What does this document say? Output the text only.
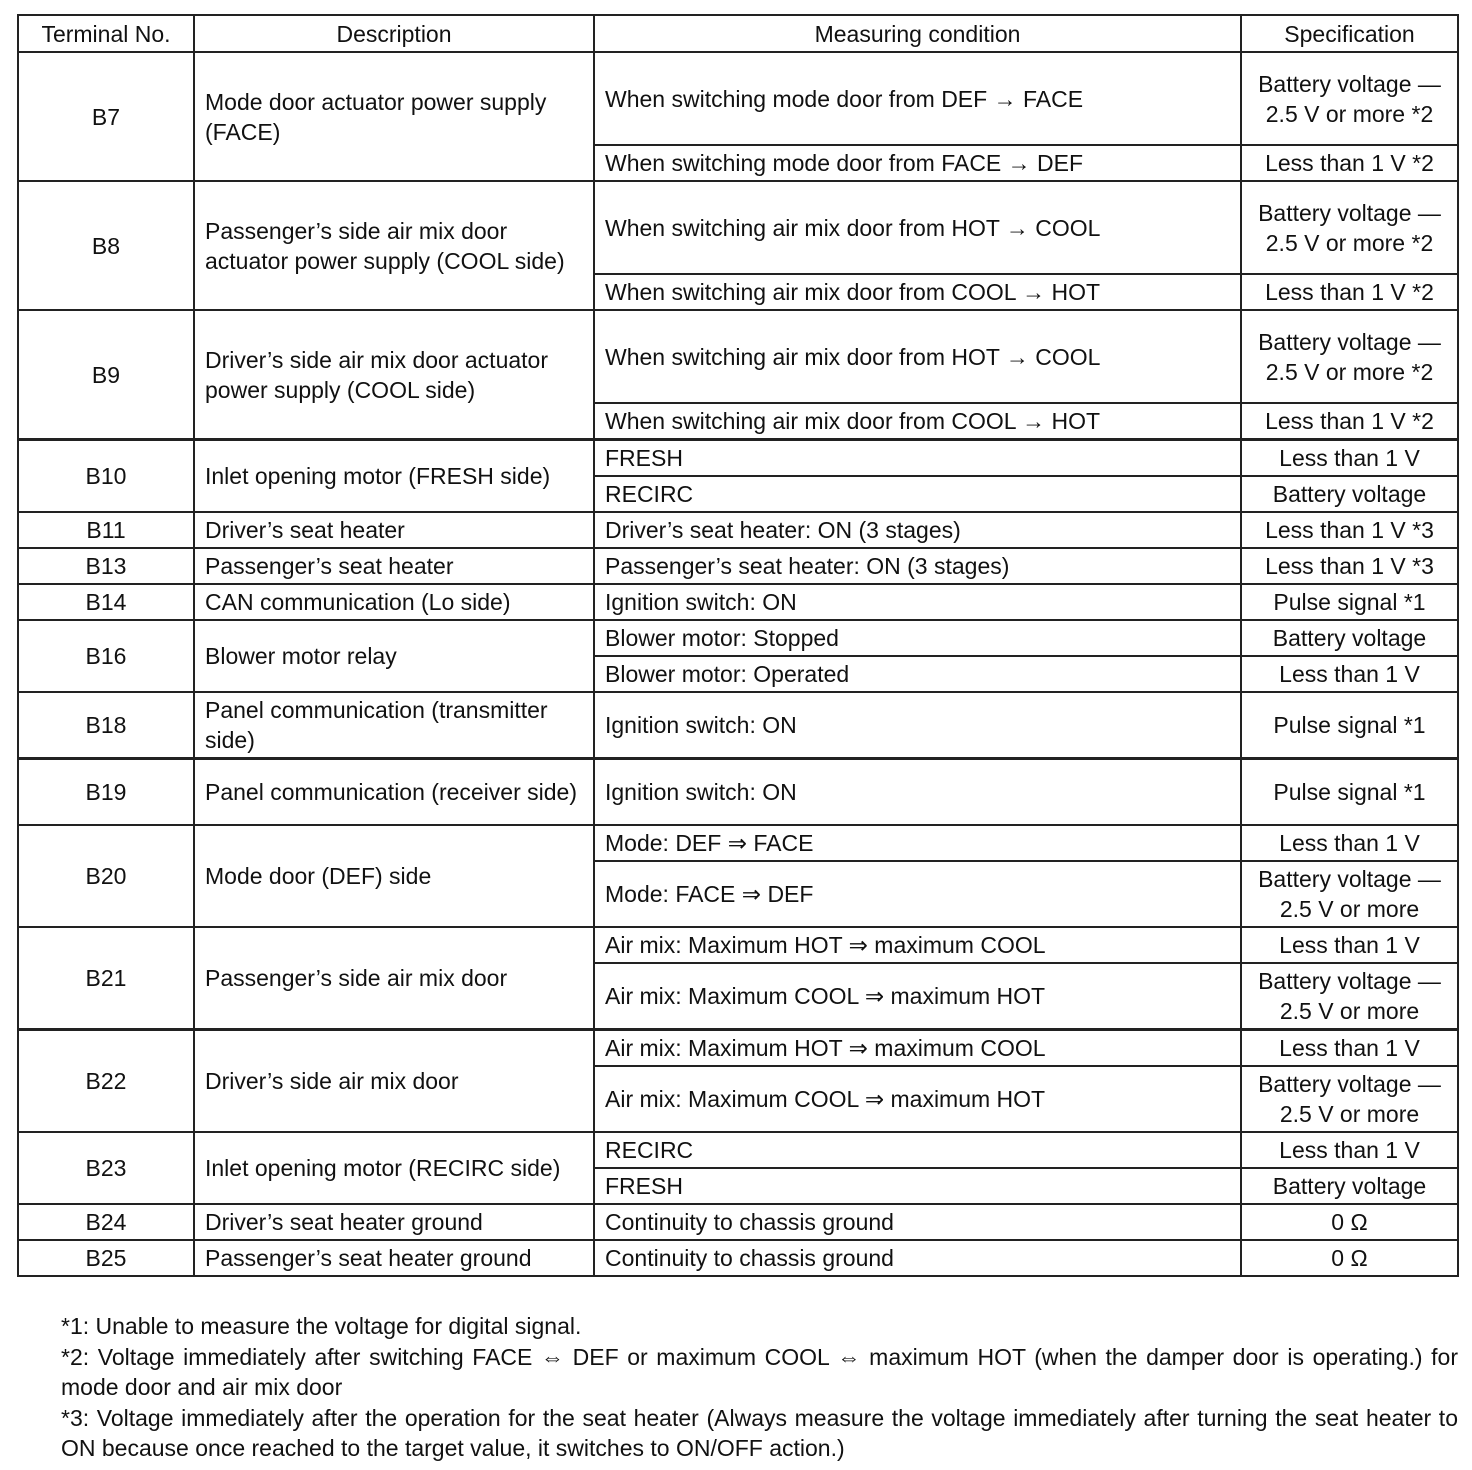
Terminal No.	Description	Measuring condition	Specification
B7	Mode door actuator power supply (FACE)	When switching mode door from DEF → FACE	Battery voltage — 2.5 V or more *2
		When switching mode door from FACE → DEF	Less than 1 V *2
B8	Passenger’s side air mix door actuator power supply (COOL side)	When switching air mix door from HOT → COOL	Battery voltage — 2.5 V or more *2
		When switching air mix door from COOL → HOT	Less than 1 V *2
B9	Driver’s side air mix door actuator power supply (COOL side)	When switching air mix door from HOT → COOL	Battery voltage — 2.5 V or more *2
		When switching air mix door from COOL → HOT	Less than 1 V *2
B10	Inlet opening motor (FRESH side)	FRESH	Less than 1 V
		RECIRC	Battery voltage
B11	Driver’s seat heater	Driver’s seat heater: ON (3 stages)	Less than 1 V *3
B13	Passenger’s seat heater	Passenger’s seat heater: ON (3 stages)	Less than 1 V *3
B14	CAN communication (Lo side)	Ignition switch: ON	Pulse signal *1
B16	Blower motor relay	Blower motor: Stopped	Battery voltage
		Blower motor: Operated	Less than 1 V
B18	Panel communication (transmitter side)	Ignition switch: ON	Pulse signal *1
B19	Panel communication (receiver side)	Ignition switch: ON	Pulse signal *1
B20	Mode door (DEF) side	Mode: DEF ⇒ FACE	Less than 1 V
		Mode: FACE ⇒ DEF	Battery voltage — 2.5 V or more
B21	Passenger’s side air mix door	Air mix: Maximum HOT ⇒ maximum COOL	Less than 1 V
		Air mix: Maximum COOL ⇒ maximum HOT	Battery voltage — 2.5 V or more
B22	Driver’s side air mix door	Air mix: Maximum HOT ⇒ maximum COOL	Less than 1 V
		Air mix: Maximum COOL ⇒ maximum HOT	Battery voltage — 2.5 V or more
B23	Inlet opening motor (RECIRC side)	RECIRC	Less than 1 V
		FRESH	Battery voltage
B24	Driver’s seat heater ground	Continuity to chassis ground	0 Ω
B25	Passenger’s seat heater ground	Continuity to chassis ground	0 Ω

*1: Unable to measure the voltage for digital signal.

*2: Voltage immediately after switching FACE ⇔ DEF or maximum COOL ⇔ maximum HOT (when the damper door is operating.) for mode door and air mix door

*3: Voltage immediately after the operation for the seat heater (Always measure the voltage immediately after turning the seat heater to ON because once reached to the target value, it switches to ON/OFF action.)
